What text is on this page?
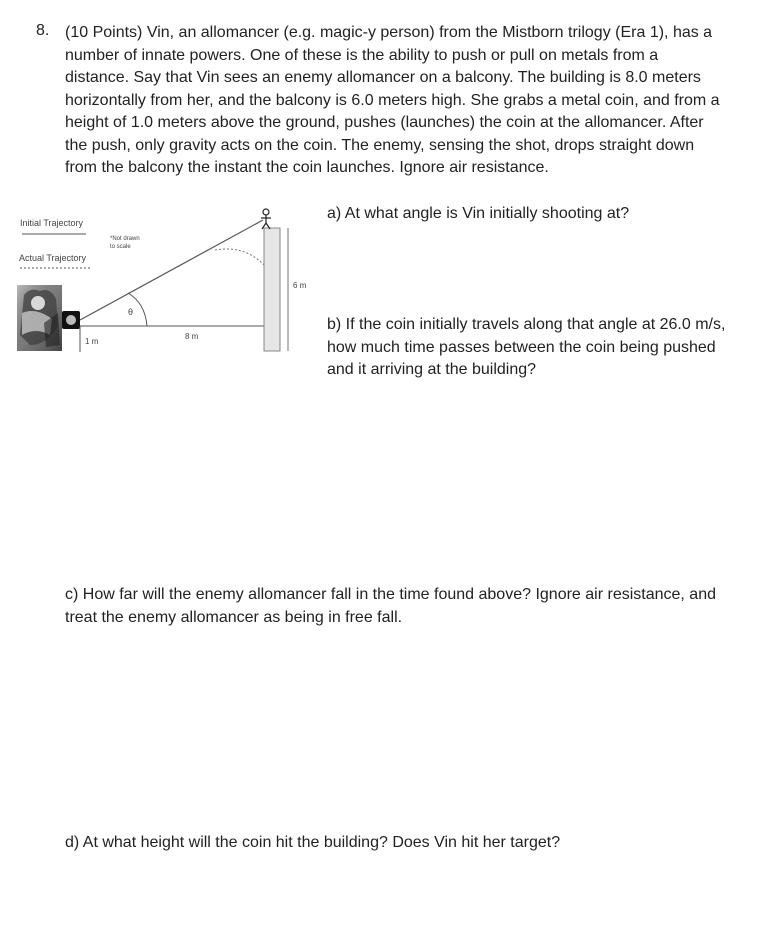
8. (10 Points) Vin, an allomancer (e.g. magic-y person) from the Mistborn trilogy (Era 1), has a number of innate powers. One of these is the ability to push or pull on metals from a distance. Say that Vin sees an enemy allomancer on a balcony. The building is 8.0 meters horizontally from her, and the balcony is 6.0 meters high. She grabs a metal coin, and from a height of 1.0 meters above the ground, pushes (launches) the coin at the allomancer. After the push, only gravity acts on the coin. The enemy, sensing the shot, drops straight down from the balcony the instant the coin launches. Ignore air resistance.
Initial Trajectory
Actual Trajectory
*Not drawn
to scale
1 m
θ
8 m
6 m
a) At what angle is Vin initially shooting at?
b) If the coin initially travels along that angle at 26.0 m/s, how much time passes between the coin being pushed and it arriving at the building?
c) How far will the enemy allomancer fall in the time found above? Ignore air resistance, and treat the enemy allomancer as being in free fall.
d) At what height will the coin hit the building? Does Vin hit her target?
